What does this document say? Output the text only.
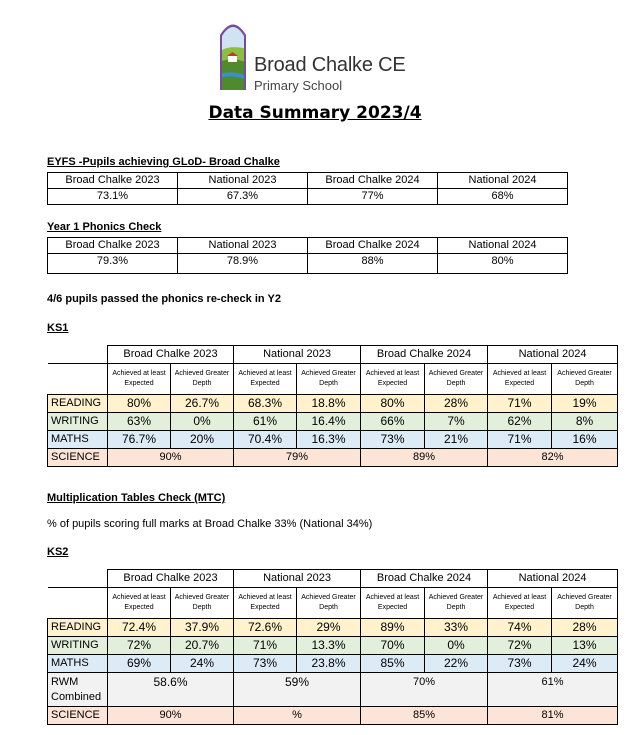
Broad Chalke CE
Primary School
Data Summary 2023/4
EYFS -Pupils achieving GLoD- Broad Chalke
Broad Chalke 2023	National 2023	Broad Chalke 2024	National 2024
73.1%	67.3%	77%	68%
Year 1 Phonics Check
Broad Chalke 2023	National 2023	Broad Chalke 2024	National 2024
79.3%	78.9%	88%	80%
4/6 pupils passed the phonics re-check in Y2
KS1
	Broad Chalke 2023		National 2023		Broad Chalke 2024		National 2024	
	Achieved at least Expected	Achieved Greater Depth	Achieved at least Expected	Achieved Greater Depth	Achieved at least Expected	Achieved Greater Depth	Achieved at least Expected	Achieved Greater Depth
READING	80%	26.7%	68.3%	18.8%	80%	28%	71%	19%
WRITING	63%	0%	61%	16.4%	66%	7%	62%	8%
MATHS	76.7%	20%	70.4%	16.3%	73%	21%	71%	16%
SCIENCE	90%		79%		89%		82%	
Multiplication Tables Check (MTC)
% of pupils scoring full marks at Broad Chalke 33% (National 34%)
KS2
	Broad Chalke 2023		National 2023		Broad Chalke 2024		National 2024	
	Achieved at least Expected	Achieved Greater Depth	Achieved at least Expected	Achieved Greater Depth	Achieved at least Expected	Achieved Greater Depth	Achieved at least Expected	Achieved Greater Depth
READING	72.4%	37.9%	72.6%	29%	89%	33%	74%	28%
WRITING	72%	20.7%	71%	13.3%	70%	0%	72%	13%
MATHS	69%	24%	73%	23.8%	85%	22%	73%	24%
RWM Combined	58.6%		59%		70%		61%	
SCIENCE	90%		%		85%		81%	
